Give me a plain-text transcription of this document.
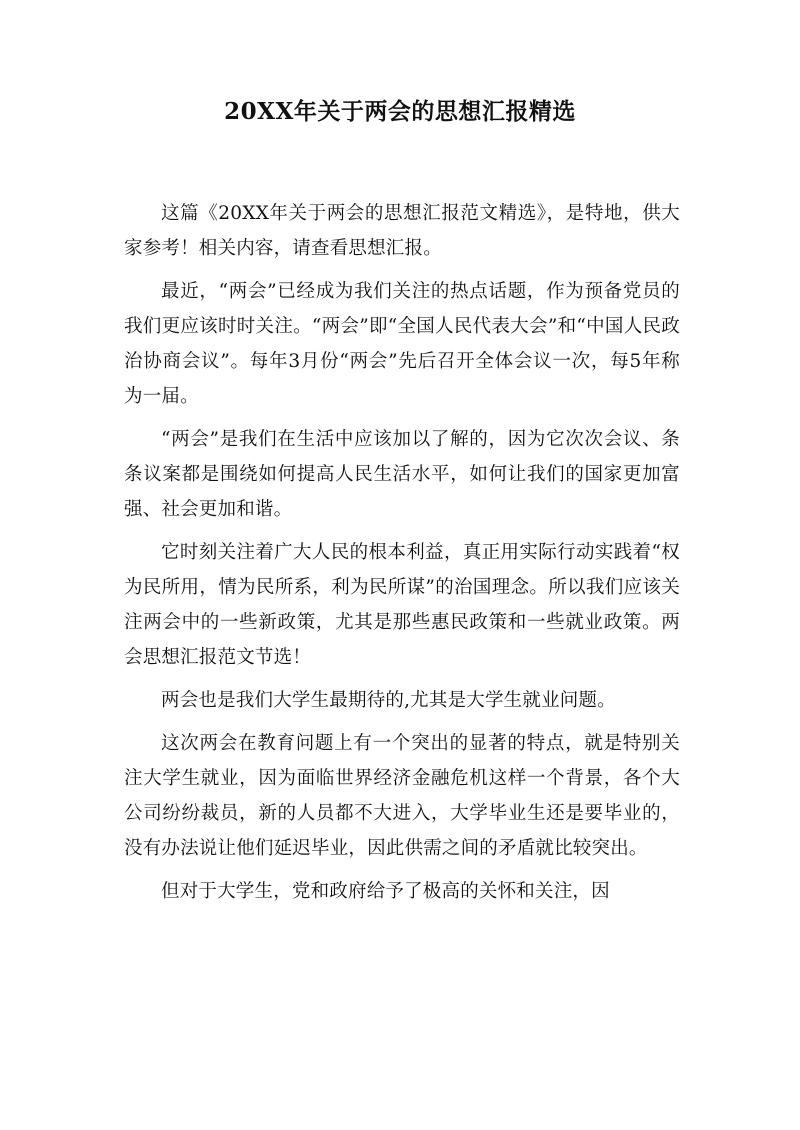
20XX年关于两会的思想汇报精选

这篇《20XX年关于两会的思想汇报范文精选》，是特地，供大家参考！相关内容，请查看思想汇报。

最近，“两会”已经成为我们关注的热点话题，作为预备党员的我们更应该时时关注。“两会”即“全国人民代表大会”和“中国人民政治协商会议”。每年3月份“两会”先后召开全体会议一次，每5年称为一届。

“两会”是我们在生活中应该加以了解的，因为它次次会议、条条议案都是围绕如何提高人民生活水平，如何让我们的国家更加富强、社会更加和谐。

它时刻关注着广大人民的根本利益，真正用实际行动实践着“权为民所用，情为民所系，利为民所谋”的治国理念。所以我们应该关注两会中的一些新政策，尤其是那些惠民政策和一些就业政策。两会思想汇报范文节选！

两会也是我们大学生最期待的,尤其是大学生就业问题。

这次两会在教育问题上有一个突出的显著的特点，就是特别关注大学生就业，因为面临世界经济金融危机这样一个背景，各个大公司纷纷裁员，新的人员都不大进入，大学毕业生还是要毕业的，没有办法说让他们延迟毕业，因此供需之间的矛盾就比较突出。

但对于大学生，党和政府给予了极高的关怀和关注，因
